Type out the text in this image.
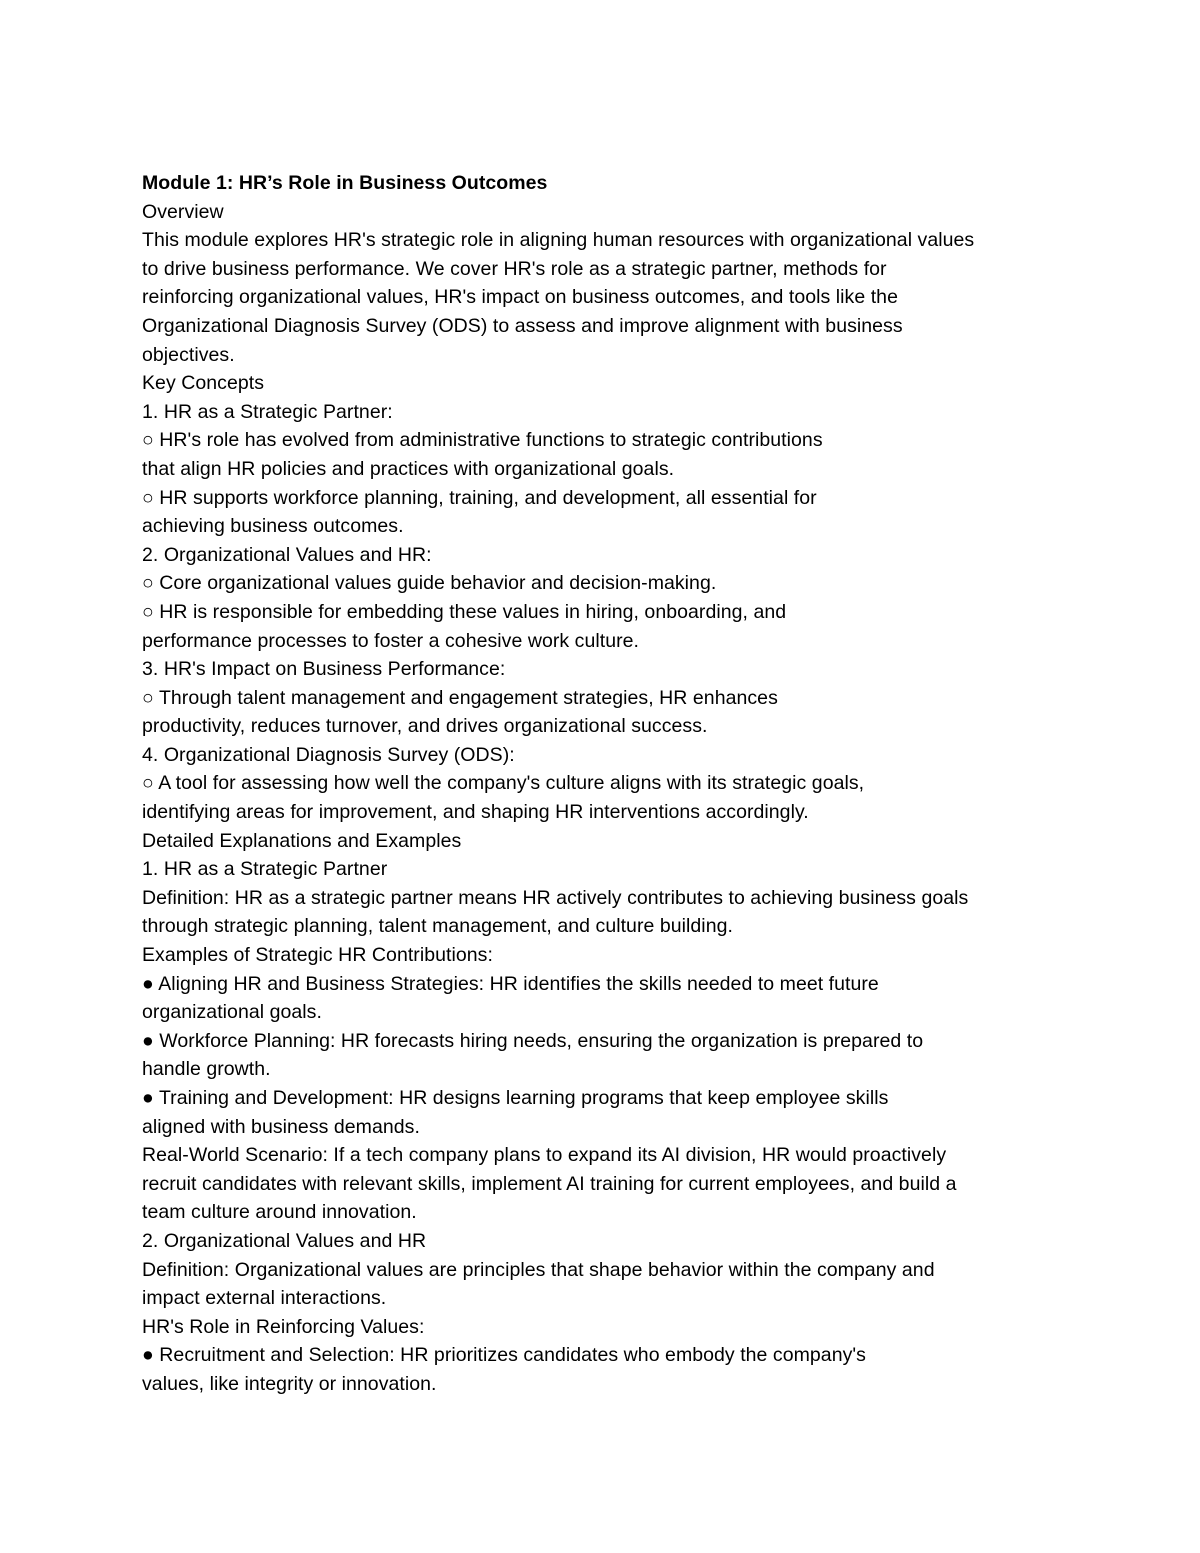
Module 1: HR’s Role in Business Outcomes
Overview
This module explores HR's strategic role in aligning human resources with organizational values
to drive business performance. We cover HR's role as a strategic partner, methods for
reinforcing organizational values, HR's impact on business outcomes, and tools like the
Organizational Diagnosis Survey (ODS) to assess and improve alignment with business
objectives.
Key Concepts
1. HR as a Strategic Partner:
○ HR's role has evolved from administrative functions to strategic contributions
that align HR policies and practices with organizational goals.
○ HR supports workforce planning, training, and development, all essential for
achieving business outcomes.
2. Organizational Values and HR:
○ Core organizational values guide behavior and decision-making.
○ HR is responsible for embedding these values in hiring, onboarding, and
performance processes to foster a cohesive work culture.
3. HR's Impact on Business Performance:
○ Through talent management and engagement strategies, HR enhances
productivity, reduces turnover, and drives organizational success.
4. Organizational Diagnosis Survey (ODS):
○ A tool for assessing how well the company's culture aligns with its strategic goals,
identifying areas for improvement, and shaping HR interventions accordingly.
Detailed Explanations and Examples
1. HR as a Strategic Partner
Definition: HR as a strategic partner means HR actively contributes to achieving business goals
through strategic planning, talent management, and culture building.
Examples of Strategic HR Contributions:
● Aligning HR and Business Strategies: HR identifies the skills needed to meet future
organizational goals.
● Workforce Planning: HR forecasts hiring needs, ensuring the organization is prepared to
handle growth.
● Training and Development: HR designs learning programs that keep employee skills
aligned with business demands.
Real-World Scenario: If a tech company plans to expand its AI division, HR would proactively
recruit candidates with relevant skills, implement AI training for current employees, and build a
team culture around innovation.
2. Organizational Values and HR
Definition: Organizational values are principles that shape behavior within the company and
impact external interactions.
HR's Role in Reinforcing Values:
● Recruitment and Selection: HR prioritizes candidates who embody the company's
values, like integrity or innovation.
